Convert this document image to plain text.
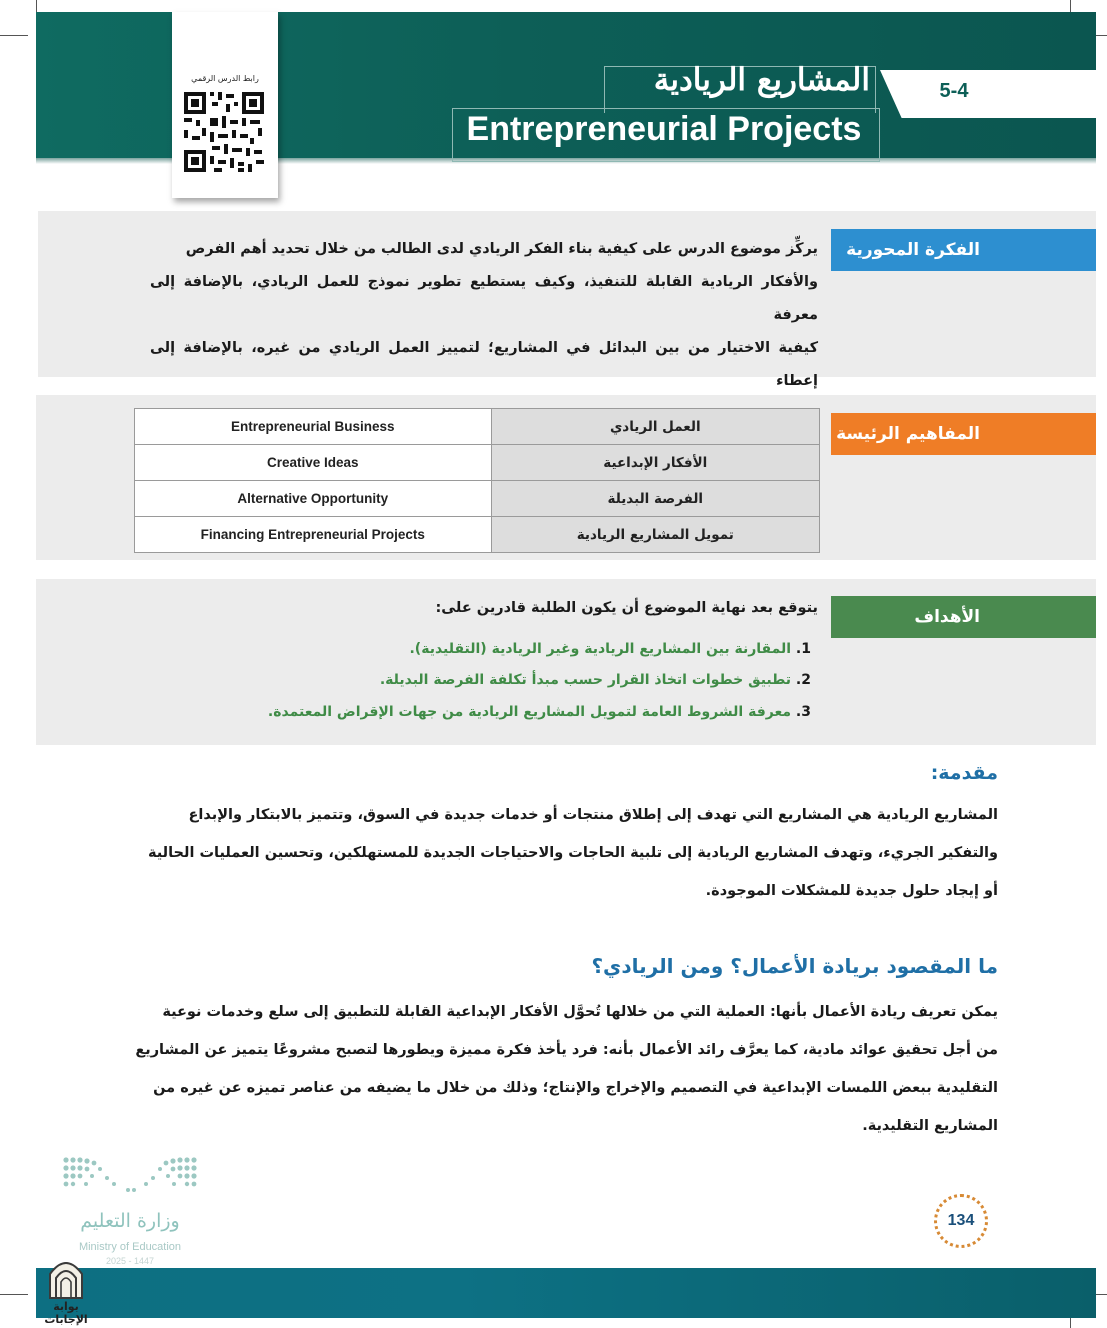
رابط الدرس الرقمي	المشاريع الريادية
Entrepreneurial Projects
5-4
الفكرة المحورية
يركِّز موضوع الدرس على كيفية بناء الفكر الريادي لدى الطالب من خلال تحديد أهم الفرص
والأفكار الريادية القابلة للتنفيذ، وكيف يستطيع تطوير نموذج للعمل الريادي، بالإضافة إلى معرفة
كيفية الاختيار من بين البدائل في المشاريع؛ لتمييز العمل الريادي من غيره، بالإضافة إلى إعطاء
المفاهيم الرئيسة
Entrepreneurial Business	العمل الريادي
Creative Ideas	الأفكار الإبداعية
Alternative Opportunity	الفرصة البديلة
Financing Entrepreneurial Projects	تمويل المشاريع الريادية
الأهداف
يتوقع بعد نهاية الموضوع أن يكون الطلبة قادرين على:
1. المقارنة بين المشاريع الريادية وغير الريادية (التقليدية).
2. تطبيق خطوات اتخاذ القرار حسب مبدأ تكلفة الفرصة البديلة.
3. معرفة الشروط العامة لتمويل المشاريع الريادية من جهات الإقراض المعتمدة.
مقدمة:
المشاريع الريادية هي المشاريع التي تهدف إلى إطلاق منتجات أو خدمات جديدة في السوق، وتتميز بالابتكار والإبداع
والتفكير الجريء، وتهدف المشاريع الريادية إلى تلبية الحاجات والاحتياجات الجديدة للمستهلكين، وتحسين العمليات الحالية
أو إيجاد حلول جديدة للمشكلات الموجودة.
ما المقصود بريادة الأعمال؟ ومن الريادي؟
يمكن تعريف ريادة الأعمال بأنها: العملية التي من خلالها تُحوَّل الأفكار الإبداعية القابلة للتطبيق إلى سلع وخدمات نوعية
من أجل تحقيق عوائد مادية، كما يعرَّف رائد الأعمال بأنه: فرد يأخذ فكرة مميزة ويطورها لتصبح مشروعًا يتميز عن المشاريع
التقليدية ببعض اللمسات الإبداعية في التصميم والإخراج والإنتاج؛ وذلك من خلال ما يضيفه من عناصر تميزه عن غيره من
المشاريع التقليدية.
وزارة التعليم
Ministry of Education
2025 - 1447
134
بوابة الإجابات
